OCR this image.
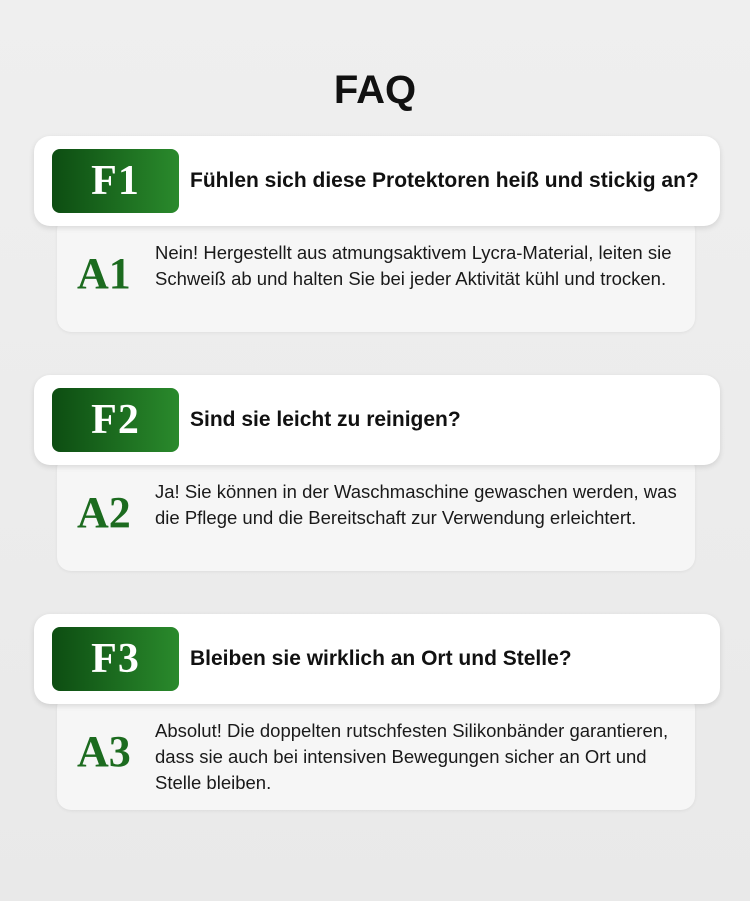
FAQ
A1 Nein! Hergestellt aus atmungsaktivem Lycra-Material, leiten sie Schweiß ab und halten Sie bei jeder Aktivität kühl und trocken.
F1	Fühlen sich diese Protektoren heiß und stickig an?
A2 Ja! Sie können in der Waschmaschine gewaschen werden, was die Pflege und die Bereitschaft zur Verwendung erleichtert.
F2	Sind sie leicht zu reinigen?
A3 Absolut! Die doppelten rutschfesten Silikonbänder garantieren, dass sie auch bei intensiven Bewegungen sicher an Ort und Stelle bleiben.
F3	Bleiben sie wirklich an Ort und Stelle?
